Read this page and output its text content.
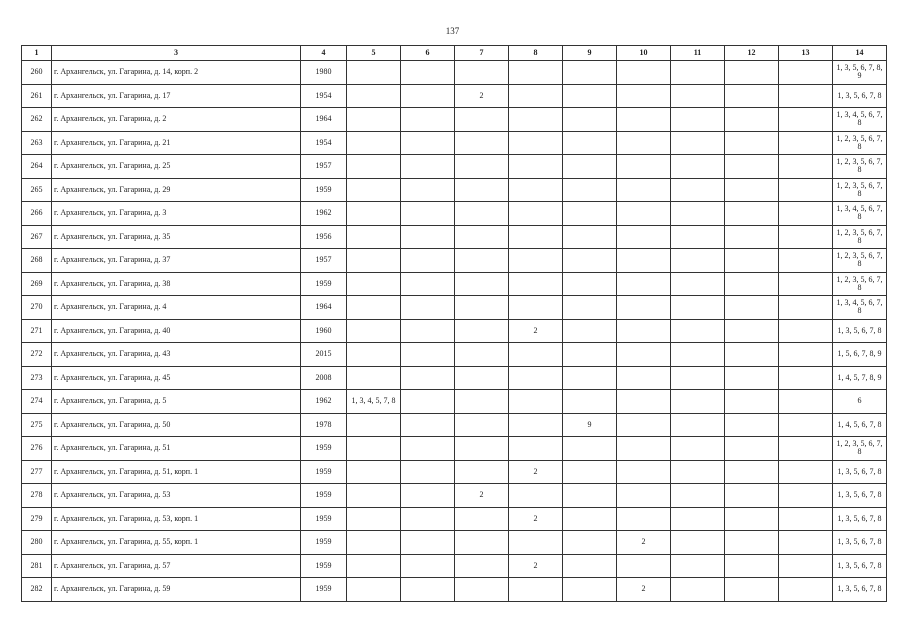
137
1	3	4	5	6	7	8	9	10	11	12	13	14
260	г. Архангельск, ул. Гагарина, д. 14, корп. 2	1980										1, 3, 5, 6, 7, 8, 9
261	г. Архангельск, ул. Гагарина, д. 17	1954			2							1, 3, 5, 6, 7, 8
262	г. Архангельск, ул. Гагарина, д. 2	1964										1, 3, 4, 5, 6, 7, 8
263	г. Архангельск, ул. Гагарина, д. 21	1954										1, 2, 3, 5, 6, 7, 8
264	г. Архангельск, ул. Гагарина, д. 25	1957										1, 2, 3, 5, 6, 7, 8
265	г. Архангельск, ул. Гагарина, д. 29	1959										1, 2, 3, 5, 6, 7, 8
266	г. Архангельск, ул. Гагарина, д. 3	1962										1, 3, 4, 5, 6, 7, 8
267	г. Архангельск, ул. Гагарина, д. 35	1956										1, 2, 3, 5, 6, 7, 8
268	г. Архангельск, ул. Гагарина, д. 37	1957										1, 2, 3, 5, 6, 7, 8
269	г. Архангельск, ул. Гагарина, д. 38	1959										1, 2, 3, 5, 6, 7, 8
270	г. Архангельск, ул. Гагарина, д. 4	1964										1, 3, 4, 5, 6, 7, 8
271	г. Архангельск, ул. Гагарина, д. 40	1960				2						1, 3, 5, 6, 7, 8
272	г. Архангельск, ул. Гагарина, д. 43	2015										1, 5, 6, 7, 8, 9
273	г. Архангельск, ул. Гагарина, д. 45	2008										1, 4, 5, 7, 8, 9
274	г. Архангельск, ул. Гагарина, д. 5	1962	1, 3, 4, 5, 7, 8									6
275	г. Архангельск, ул. Гагарина, д. 50	1978					9					1, 4, 5, 6, 7, 8
276	г. Архангельск, ул. Гагарина, д. 51	1959										1, 2, 3, 5, 6, 7, 8
277	г. Архангельск, ул. Гагарина, д. 51, корп. 1	1959				2						1, 3, 5, 6, 7, 8
278	г. Архангельск, ул. Гагарина, д. 53	1959			2							1, 3, 5, 6, 7, 8
279	г. Архангельск, ул. Гагарина, д. 53, корп. 1	1959				2						1, 3, 5, 6, 7, 8
280	г. Архангельск, ул. Гагарина, д. 55, корп. 1	1959						2				1, 3, 5, 6, 7, 8
281	г. Архангельск, ул. Гагарина, д. 57	1959				2						1, 3, 5, 6, 7, 8
282	г. Архангельск, ул. Гагарина, д. 59	1959						2				1, 3, 5, 6, 7, 8
